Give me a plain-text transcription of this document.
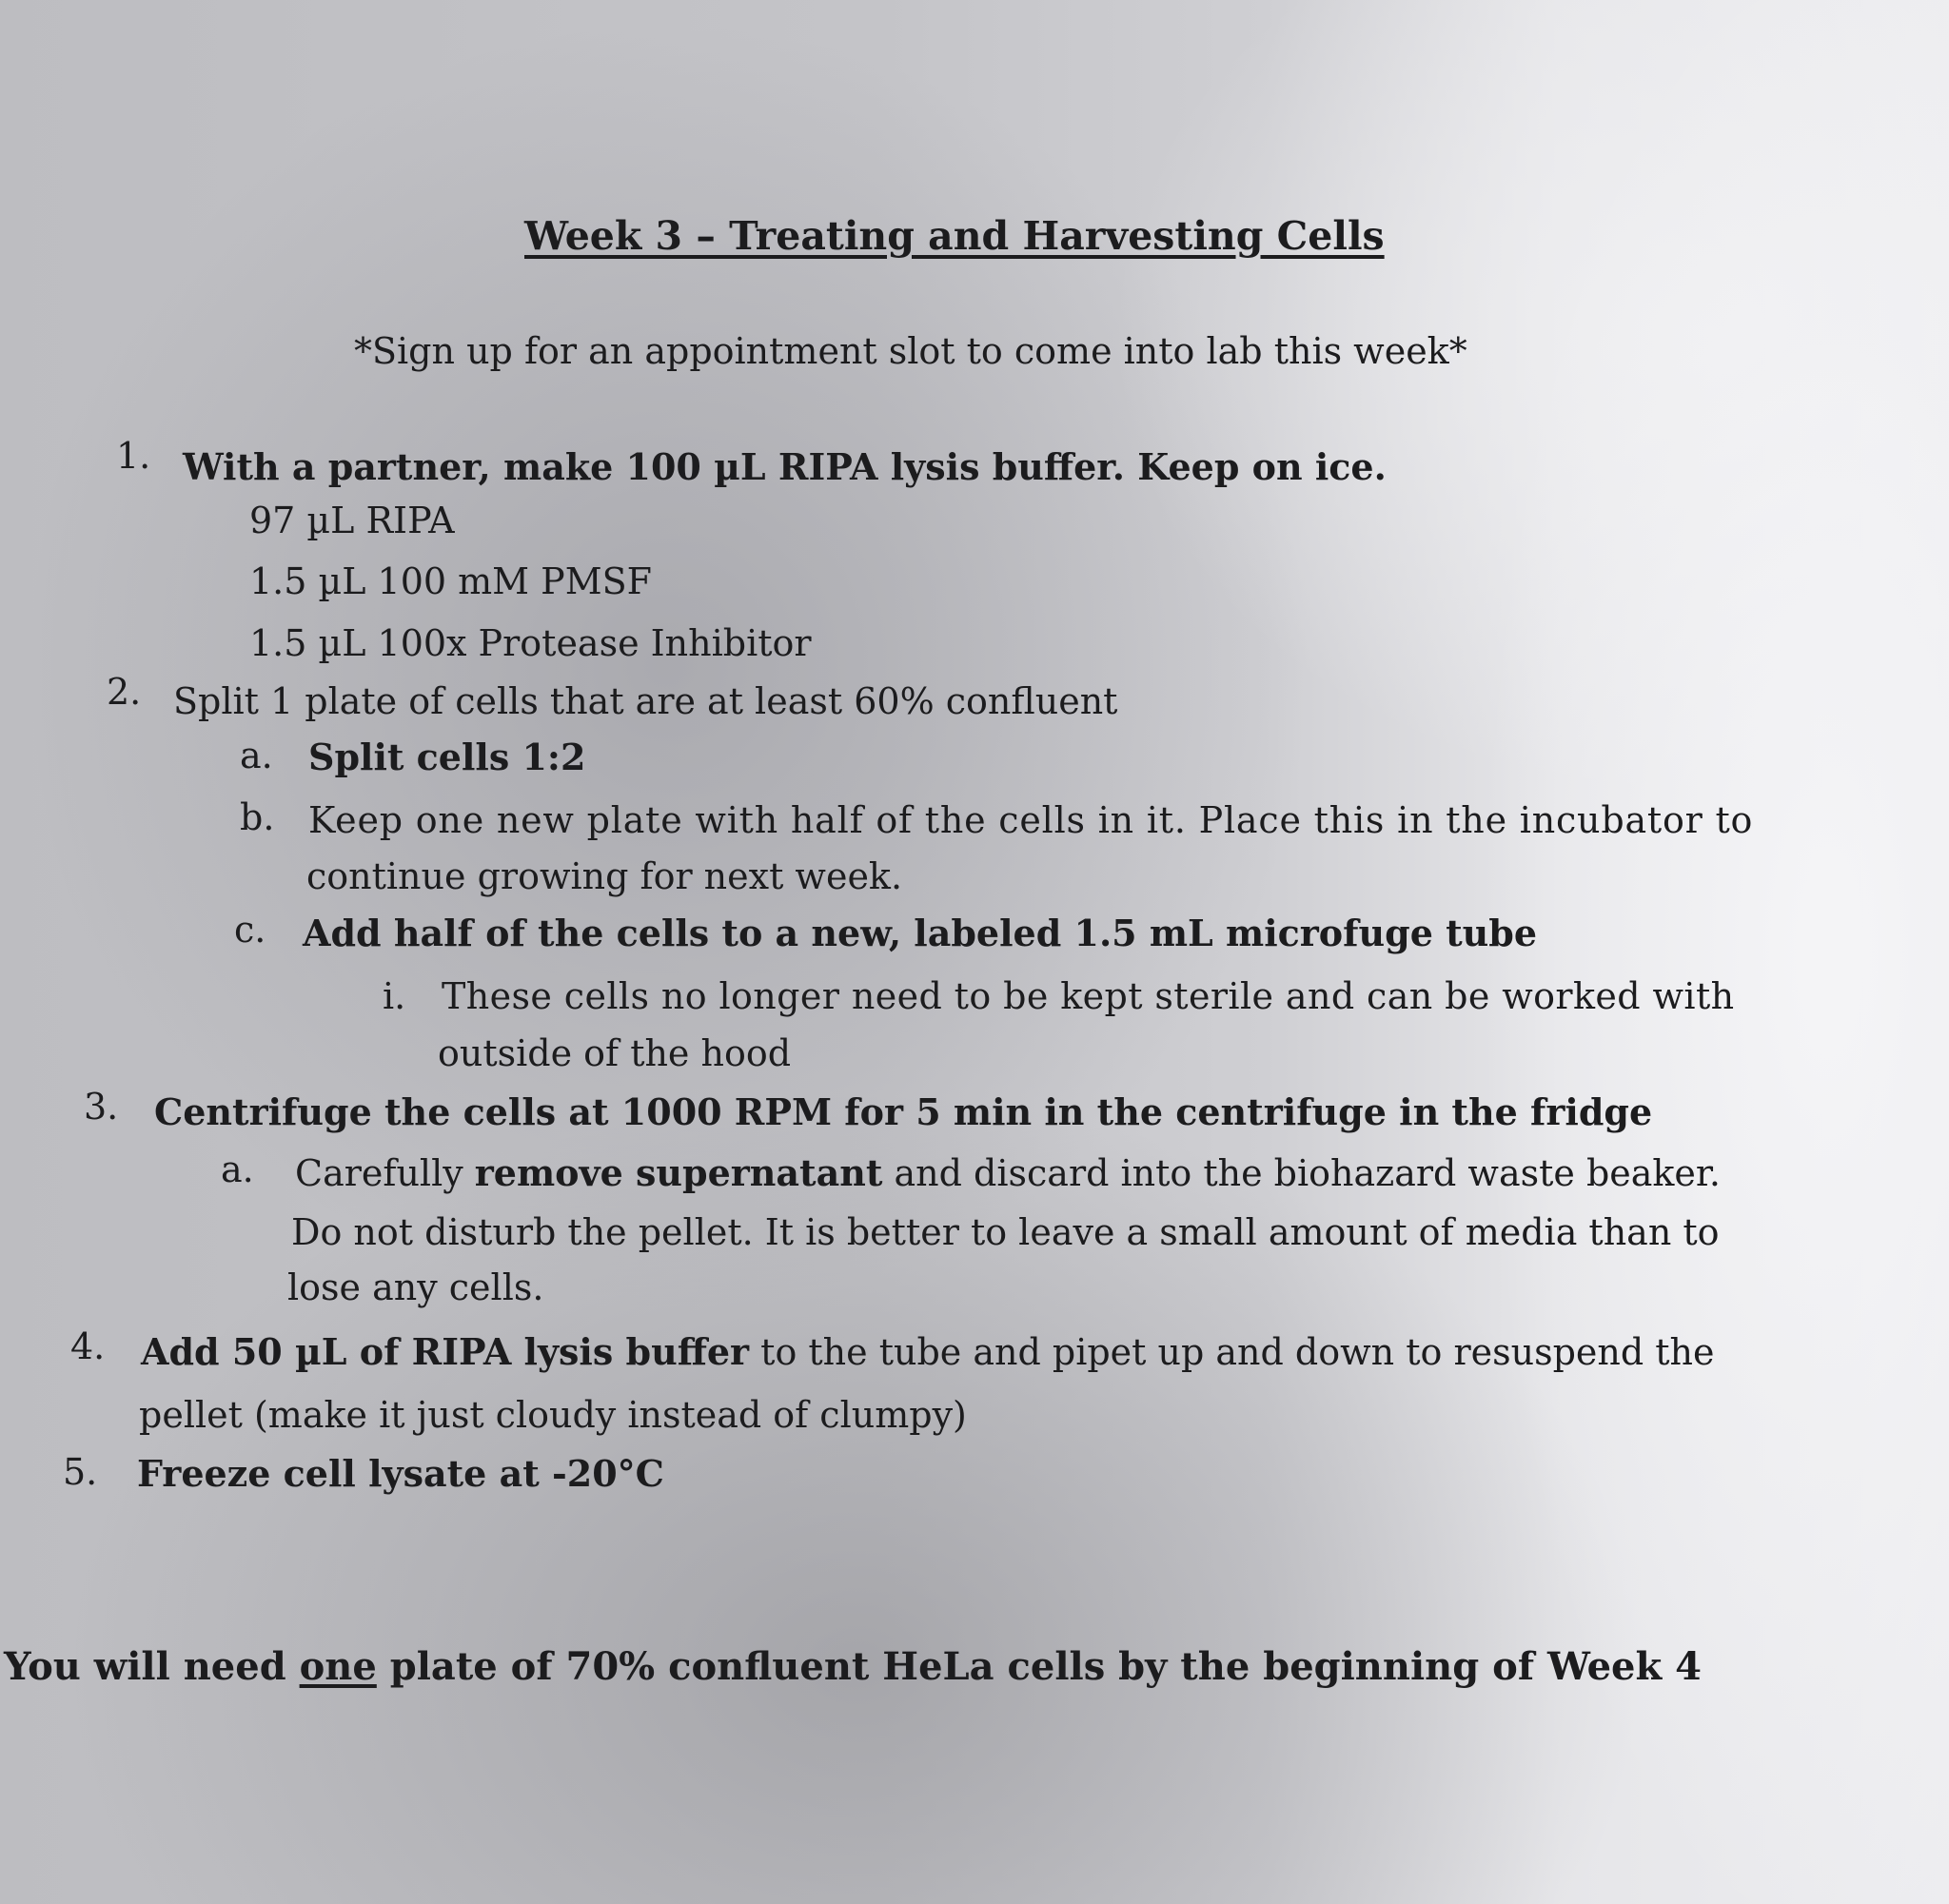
Week 3 – Treating and Harvesting Cells
*Sign up for an appointment slot to come into lab this week*
1. With a partner, make 100 µL RIPA lysis buffer. Keep on ice.
97 µL RIPA
1.5 µL 100 mM PMSF
1.5 µL 100x Protease Inhibitor
2. Split 1 plate of cells that are at least 60% confluent
a. Split cells 1:2
b. Keep one new plate with half of the cells in it. Place this in the incubator to
continue growing for next week.
c. Add half of the cells to a new, labeled 1.5 mL microfuge tube
i. These cells no longer need to be kept sterile and can be worked with
outside of the hood
3. Centrifuge the cells at 1000 RPM for 5 min in the centrifuge in the fridge
a. Carefully remove supernatant and discard into the biohazard waste beaker.
Do not disturb the pellet. It is better to leave a small amount of media than to
lose any cells.
4. Add 50 µL of RIPA lysis buffer to the tube and pipet up and down to resuspend the
pellet (make it just cloudy instead of clumpy)
5. Freeze cell lysate at -20°C
You will need one plate of 70% confluent HeLa cells by the beginning of Week 4
